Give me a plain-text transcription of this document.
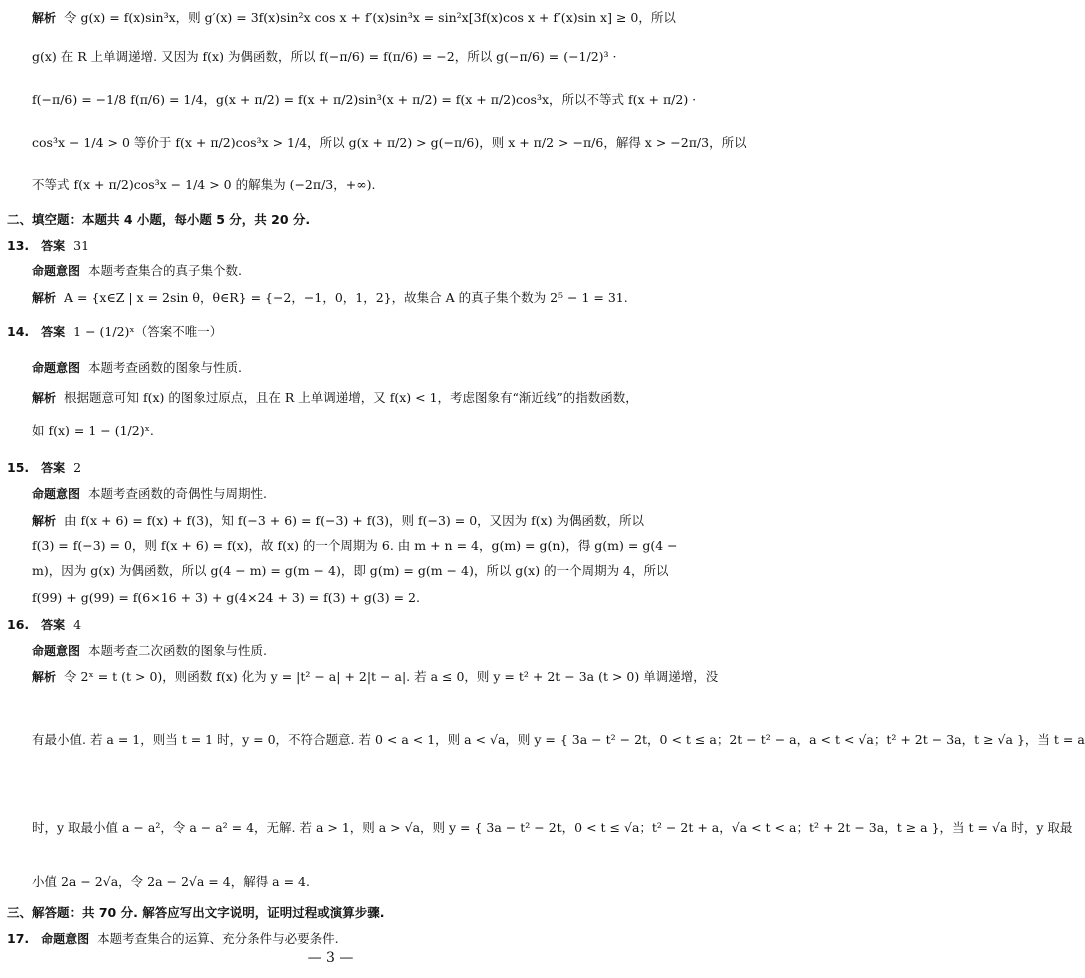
解析 令 g(x) = f(x)sin³x，则 g′(x) = 3f(x)sin²x cos x + f′(x)sin³x = sin²x[3f(x)cos x + f′(x)sin x] ≥ 0，所以
g(x) 在 R 上单调递增. 又因为 f(x) 为偶函数，所以 f(−π/6) = f(π/6) = −2，所以 g(−π/6) = (−1/2)³ ·
f(−π/6) = −1/8 f(π/6) = 1/4，g(x + π/2) = f(x + π/2)sin³(x + π/2) = f(x + π/2)cos³x，所以不等式 f(x + π/2) ·
cos³x − 1/4 > 0 等价于 f(x + π/2)cos³x > 1/4，所以 g(x + π/2) > g(−π/6)，则 x + π/2 > −π/6，解得 x > −2π/3，所以
不等式 f(x + π/2)cos³x − 1/4 > 0 的解集为 (−2π/3，+∞).
二、填空题：本题共 4 小题，每小题 5 分，共 20 分.
13. 答案 31
命题意图 本题考查集合的真子集个数.
解析 A = {x∈Z | x = 2sin θ，θ∈R} = {−2，−1，0，1，2}，故集合 A 的真子集个数为 2⁵ − 1 = 31.
14. 答案 1 − (1/2)ˣ（答案不唯一）
命题意图 本题考查函数的图象与性质.
解析 根据题意可知 f(x) 的图象过原点，且在 R 上单调递增，又 f(x) < 1，考虑图象有“渐近线”的指数函数，
如 f(x) = 1 − (1/2)ˣ.
15. 答案 2
命题意图 本题考查函数的奇偶性与周期性.
解析 由 f(x + 6) = f(x) + f(3)，知 f(−3 + 6) = f(−3) + f(3)，则 f(−3) = 0，又因为 f(x) 为偶函数，所以
f(3) = f(−3) = 0，则 f(x + 6) = f(x)，故 f(x) 的一个周期为 6. 由 m + n = 4，g(m) = g(n)，得 g(m) = g(4 −
m)，因为 g(x) 为偶函数，所以 g(4 − m) = g(m − 4)，即 g(m) = g(m − 4)，所以 g(x) 的一个周期为 4，所以
f(99) + g(99) = f(6×16 + 3) + g(4×24 + 3) = f(3) + g(3) = 2.
16. 答案 4
命题意图 本题考查二次函数的图象与性质.
解析 令 2ˣ = t (t > 0)，则函数 f(x) 化为 y = |t² − a| + 2|t − a|. 若 a ≤ 0，则 y = t² + 2t − 3a (t > 0) 单调递增，没
有最小值. 若 a = 1，则当 t = 1 时，y = 0，不符合题意. 若 0 < a < 1，则 a < √a，则 y = { 3a − t² − 2t，0 < t ≤ a；2t − t² − a，a < t < √a；t² + 2t − 3a，t ≥ √a }，当 t = a
时，y 取最小值 a − a²，令 a − a² = 4，无解. 若 a > 1，则 a > √a，则 y = { 3a − t² − 2t，0 < t ≤ √a；t² − 2t + a，√a < t < a；t² + 2t − 3a，t ≥ a }，当 t = √a 时，y 取最
小值 2a − 2√a，令 2a − 2√a = 4，解得 a = 4.
三、解答题：共 70 分. 解答应写出文字说明，证明过程或演算步骤.
17. 命题意图 本题考查集合的运算、充分条件与必要条件.
— 3 —
